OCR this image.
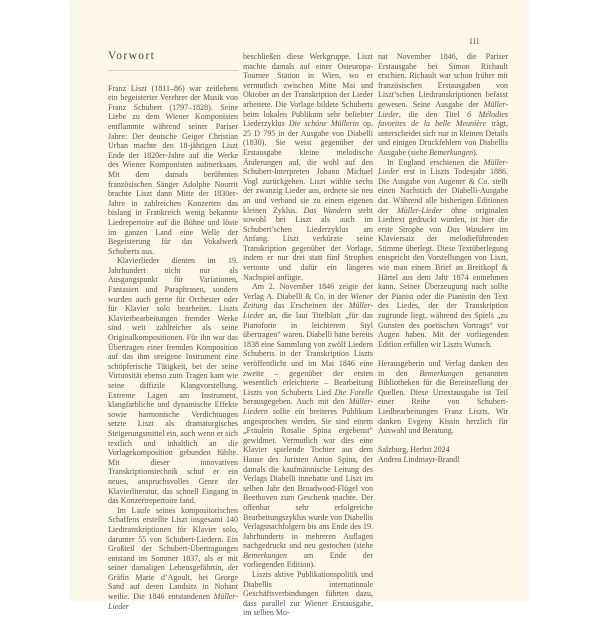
III
Vorwort

Franz Liszt (1811–86) war zeitlebens ein begeisterter Verehrer der Musik von Franz Schubert (1797–1828). Seine Liebe zu dem Wiener Komponisten entflammte während seiner Pariser Jahre: Der deutsche Geiger Christian Urban machte den 18-jährigen Liszt Ende der 1820er-Jahre auf die Werke des Wiener Komponisten aufmerksam. Mit dem damals berühmten französischen Sänger Adolphe Nourrit brachte Liszt dann Mitte der 1830er-Jahre in zahlreichen Konzerten das bislang in Frankreich wenig bekannte Liedrepertoire auf die Bühne und löste im ganzen Land eine Welle der Begeisterung für das Vokalwerk Schuberts aus.

Klavierlieder dienten im 19. Jahrhundert nicht nur als Ausgangspunkt für Variationen, Fantasien und Paraphrasen, sondern wurden auch gerne für Orchester oder für Klavier solo bearbeitet. Liszts Klavierbearbeitungen fremder Werke sind weit zahlreicher als seine Originalkompositionen. Für ihn war das Übertragen einer fremden Komposition auf das ihm ureigene Instrument eine schöpferische Tätigkeit, bei der seine Virtuosität ebenso zum Tragen kam wie seine diffizile Klangvorstellung. Extreme Lagen am Instrument, klangfarbliche und dynamische Effekte sowie harmonische Verdichtungen setzte Liszt als dramaturgisches Steigerungsmittel ein, auch wenn er sich textlich und inhaltlich an die Vorlagekomposition gebunden fühlte. Mit dieser innovativen Transkriptionstechnik schuf er ein neues, anspruchsvolles Genre der Klavierliteratur, das schnell Eingang in das Konzertrepertoire fand.

Im Laufe seines kompositorischen Schaffens erstellte Liszt insgesamt 140 Liedtranskriptionen für Klavier solo, darunter 55 von Schubert-Liedern. Ein Großteil der Schubert-Übertragungen entstand im Sommer 1837, als er mit seiner damaligen Lebensgefährtin, der Gräfin Marie d’Agoult, bei George Sand auf deren Landsitz in Nohant weilte. Die 1846 entstandenen Müller-Lieder

beschließen diese Werkgruppe. Liszt machte damals auf einer Osteuropa-Tournee Station in Wien, wo er vermutlich zwischen Mitte Mai und Oktober an der Transkription der Lieder arbeitete. Die Vorlage bildete Schuberts beim lokalen Publikum sehr beliebter Liederzyklus Die schöne Müllerin op. 25 D 795 in der Ausgabe von Diabelli (1830). Sie weist gegenüber der Erstausgabe kleine melodische Änderungen auf, die wohl auf den Schubert-Interpreten Johann Michael Vogl zurückgehen. Liszt wählte sechs der zwanzig Lieder aus, ordnete sie neu an und verband sie zu einem eigenen kleinen Zyklus. Das Wandern steht sowohl bei Liszt als auch im Schubert’schen Liederzyklus am Anfang. Liszt verkürzte seine Transkription gegenüber der Vorlage, indem er nur drei statt fünf Strophen vertonte und dafür ein längeres Nachspiel anfügte.

Am 2. November 1846 zeigte der Verlag A. Diabelli & Co. in der Wiener Zeitung das Erscheinen der Müller-Lieder an, die laut Titelblatt „für das Pianoforte in leichterem Styl übertragen“ waren. Diabelli hatte bereits 1838 eine Sammlung von zwölf Liedern Schuberts in der Transkription Liszts veröffentlicht und im Mai 1846 eine zweite – gegenüber der ersten wesentlich erleichterte – Bearbeitung Liszts von Schuberts Lied Die Forelle herausgegeben. Auch mit den Müller-Liedern sollte ein breiteres Publikum angesprochen werden. Sie sind einem „Fräulein Rosalie Spina ergebenst“ gewidmet. Vermutlich war dies eine Klavier spielende Tochter aus dem Hause des Juristen Anton Spina, der damals die kaufmännische Leitung des Verlags Diabelli innehatte und Liszt im selben Jahr den Broadwood-Flügel von Beethoven zum Geschenk machte. Der offenbar sehr erfolgreiche Bearbeitungszyklus wurde von Diabellis Verlagsnachfolgern bis ans Ende des 19. Jahrhunderts in mehreren Auflagen nachgedruckt und neu gestochen (siehe Bemerkungen am Ende der vorliegenden Edition).

Liszts aktive Publikationspolitik und Diabellis internationale Geschäftsverbindungen führten dazu, dass parallel zur Wiener Erstausgabe, im selben Mo-

nat November 1846, die Pariser Erstausgabe bei Simon Richault erschien. Richault war schon früher mit französischen Erstausgaben von Liszt’schen Liedtranskriptionen befasst gewesen. Seine Ausgabe der Müller-Lieder, die den Titel 6 Mélodies favorites de la belle Meunière trägt, unterscheidet sich nur in kleinen Details und einigen Druckfehlern von Diabellis Ausgabe (siehe Bemerkungen).

In England erschienen die Müller-Lieder erst in Liszts Todesjahr 1886. Die Ausgabe von Augener & Co. stellt einen Nachstich der Diabelli-Ausgabe dar. Während alle bisherigen Editionen der Müller-Lieder ohne originalen Liedtext gedruckt wurden, ist hier die erste Strophe von Das Wandern im Klaviersatz der melodieführenden Stimme überlegt. Diese Textüberlegung entspricht den Vorstellungen von Liszt, wie man einem Brief an Breitkopf & Härtel aus dem Jahr 1874 entnehmen kann. Seiner Überzeugung nach sollte der Pianist oder die Pianistin den Text des Liedes, der der Transkription zugrunde liegt, während des Spiels „zu Gunsten des poetischen Vortrags“ vor Augen haben. Mit der vorliegenden Edition erfüllen wir Liszts Wunsch.

Herausgeberin und Verlag danken den in den Bemerkungen genannten Bibliotheken für die Bereitstellung der Quellen. Diese Urtextausgabe ist Teil einer Reihe von Schubert-Liedbearbeitungen Franz Liszts. Wir danken Evgeny Kissin herzlich für Auswahl und Beratung.

Salzburg, Herbst 2024

Andrea Lindmayr-Brandl
